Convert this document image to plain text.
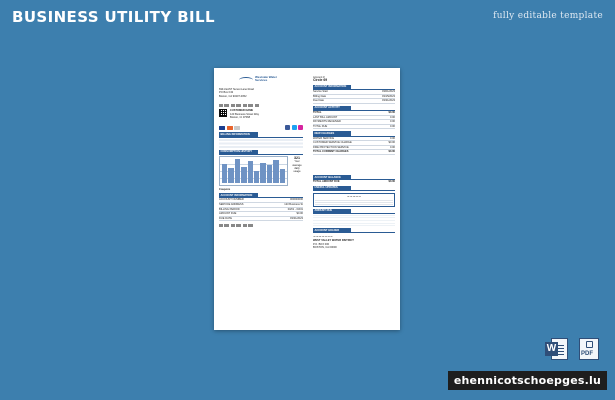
BUSINESS UTILITY BILL	fully editable template
Westvale Water Services
6941 EAST Surest Lane Road
PO Box F43
Boston, CA 93207-0052
CUSTOMER NAME
123 Business Street Way
Boston, Ct 07068
BILLING INFORMATION
CONSUMPTION HISTORY
321
Your average daily usage
Coupons
ACCOUNT INFORMATION
ACCOUNT NUMBER	000000000
SERVICE ADDRESS	123 Business St
BILLING PERIOD	03/01 - 03/31
AMOUNT DUE	$0.00
DUE DATE	03/31/2023
Account #
Circle 69
ACCOUNT INFORMATION
Service Start	03/01/2023
Billing Date	03/15/2023
Due Date	03/31/2023
ACCOUNT ACTIVITY
TOTAL	$0.00
LAST BILL AMOUNT	0.00
PAYMENTS RECEIVED	0.00
TOTAL DUE	0.00
NEW CHARGES
WATER SERVICE	0.00
CUSTOMER SERVICE CHARGE	$0.00
FIRE PROTECTION SERVICE	0.00
TOTAL CURRENT CHARGES	$0.00
ACCOUNT BALANCE
TOTAL AMOUNT DUE	$0.00
USEFUL UPDATES
~~~~~
AMOUNT DUE
ACCOUNT HOLDER
~~~~~~~
WEST VALLEY WATER DISTRICT
P.O. BOX 000
BOSTON, CA 00000
W	PDF
ehennicotschoepges.lu
